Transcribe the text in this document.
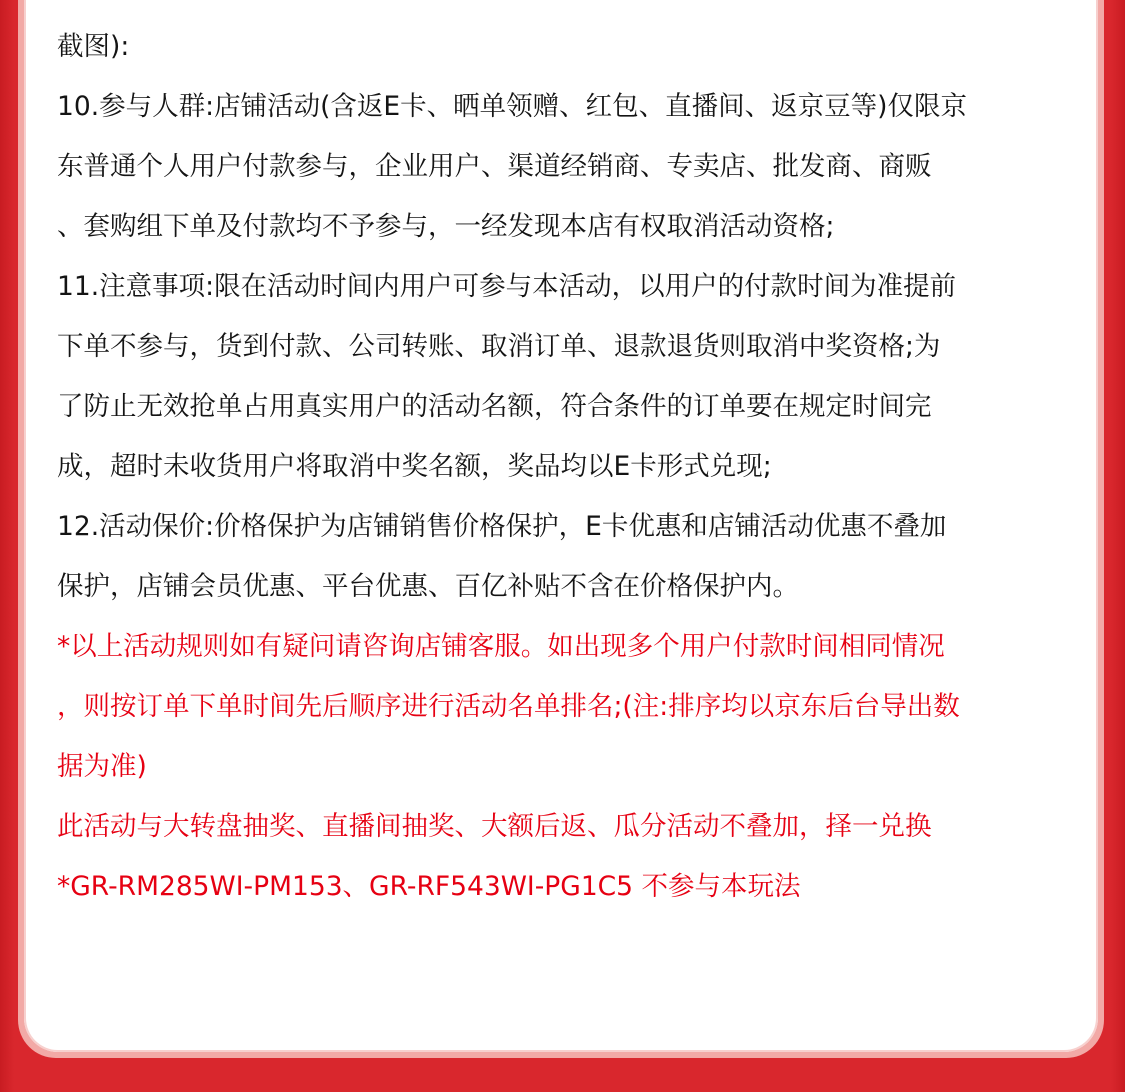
截图):
10.参与人群:店铺活动(含返E卡、晒单领赠、红包、直播间、返京豆等)仅限京
东普通个人用户付款参与，企业用户、渠道经销商、专卖店、批发商、商贩
、套购组下单及付款均不予参与，一经发现本店有权取消活动资格;
11.注意事项:限在活动时间内用户可参与本活动，以用户的付款时间为准提前
下单不参与，货到付款、公司转账、取消订单、退款退货则取消中奖资格;为
了防止无效抢单占用真实用户的活动名额，符合条件的订单要在规定时间完
成，超时未收货用户将取消中奖名额，奖品均以E卡形式兑现;
12.活动保价:价格保护为店铺销售价格保护，E卡优惠和店铺活动优惠不叠加
保护，店铺会员优惠、平台优惠、百亿补贴不含在价格保护内。
*以上活动规则如有疑问请咨询店铺客服。如出现多个用户付款时间相同情况
，则按订单下单时间先后顺序进行活动名单排名;(注:排序均以京东后台导出数
据为准)
此活动与大转盘抽奖、直播间抽奖、大额后返、瓜分活动不叠加，择一兑换
*GR-RM285WI-PM153、GR-RF543WI-PG1C5 不参与本玩法
